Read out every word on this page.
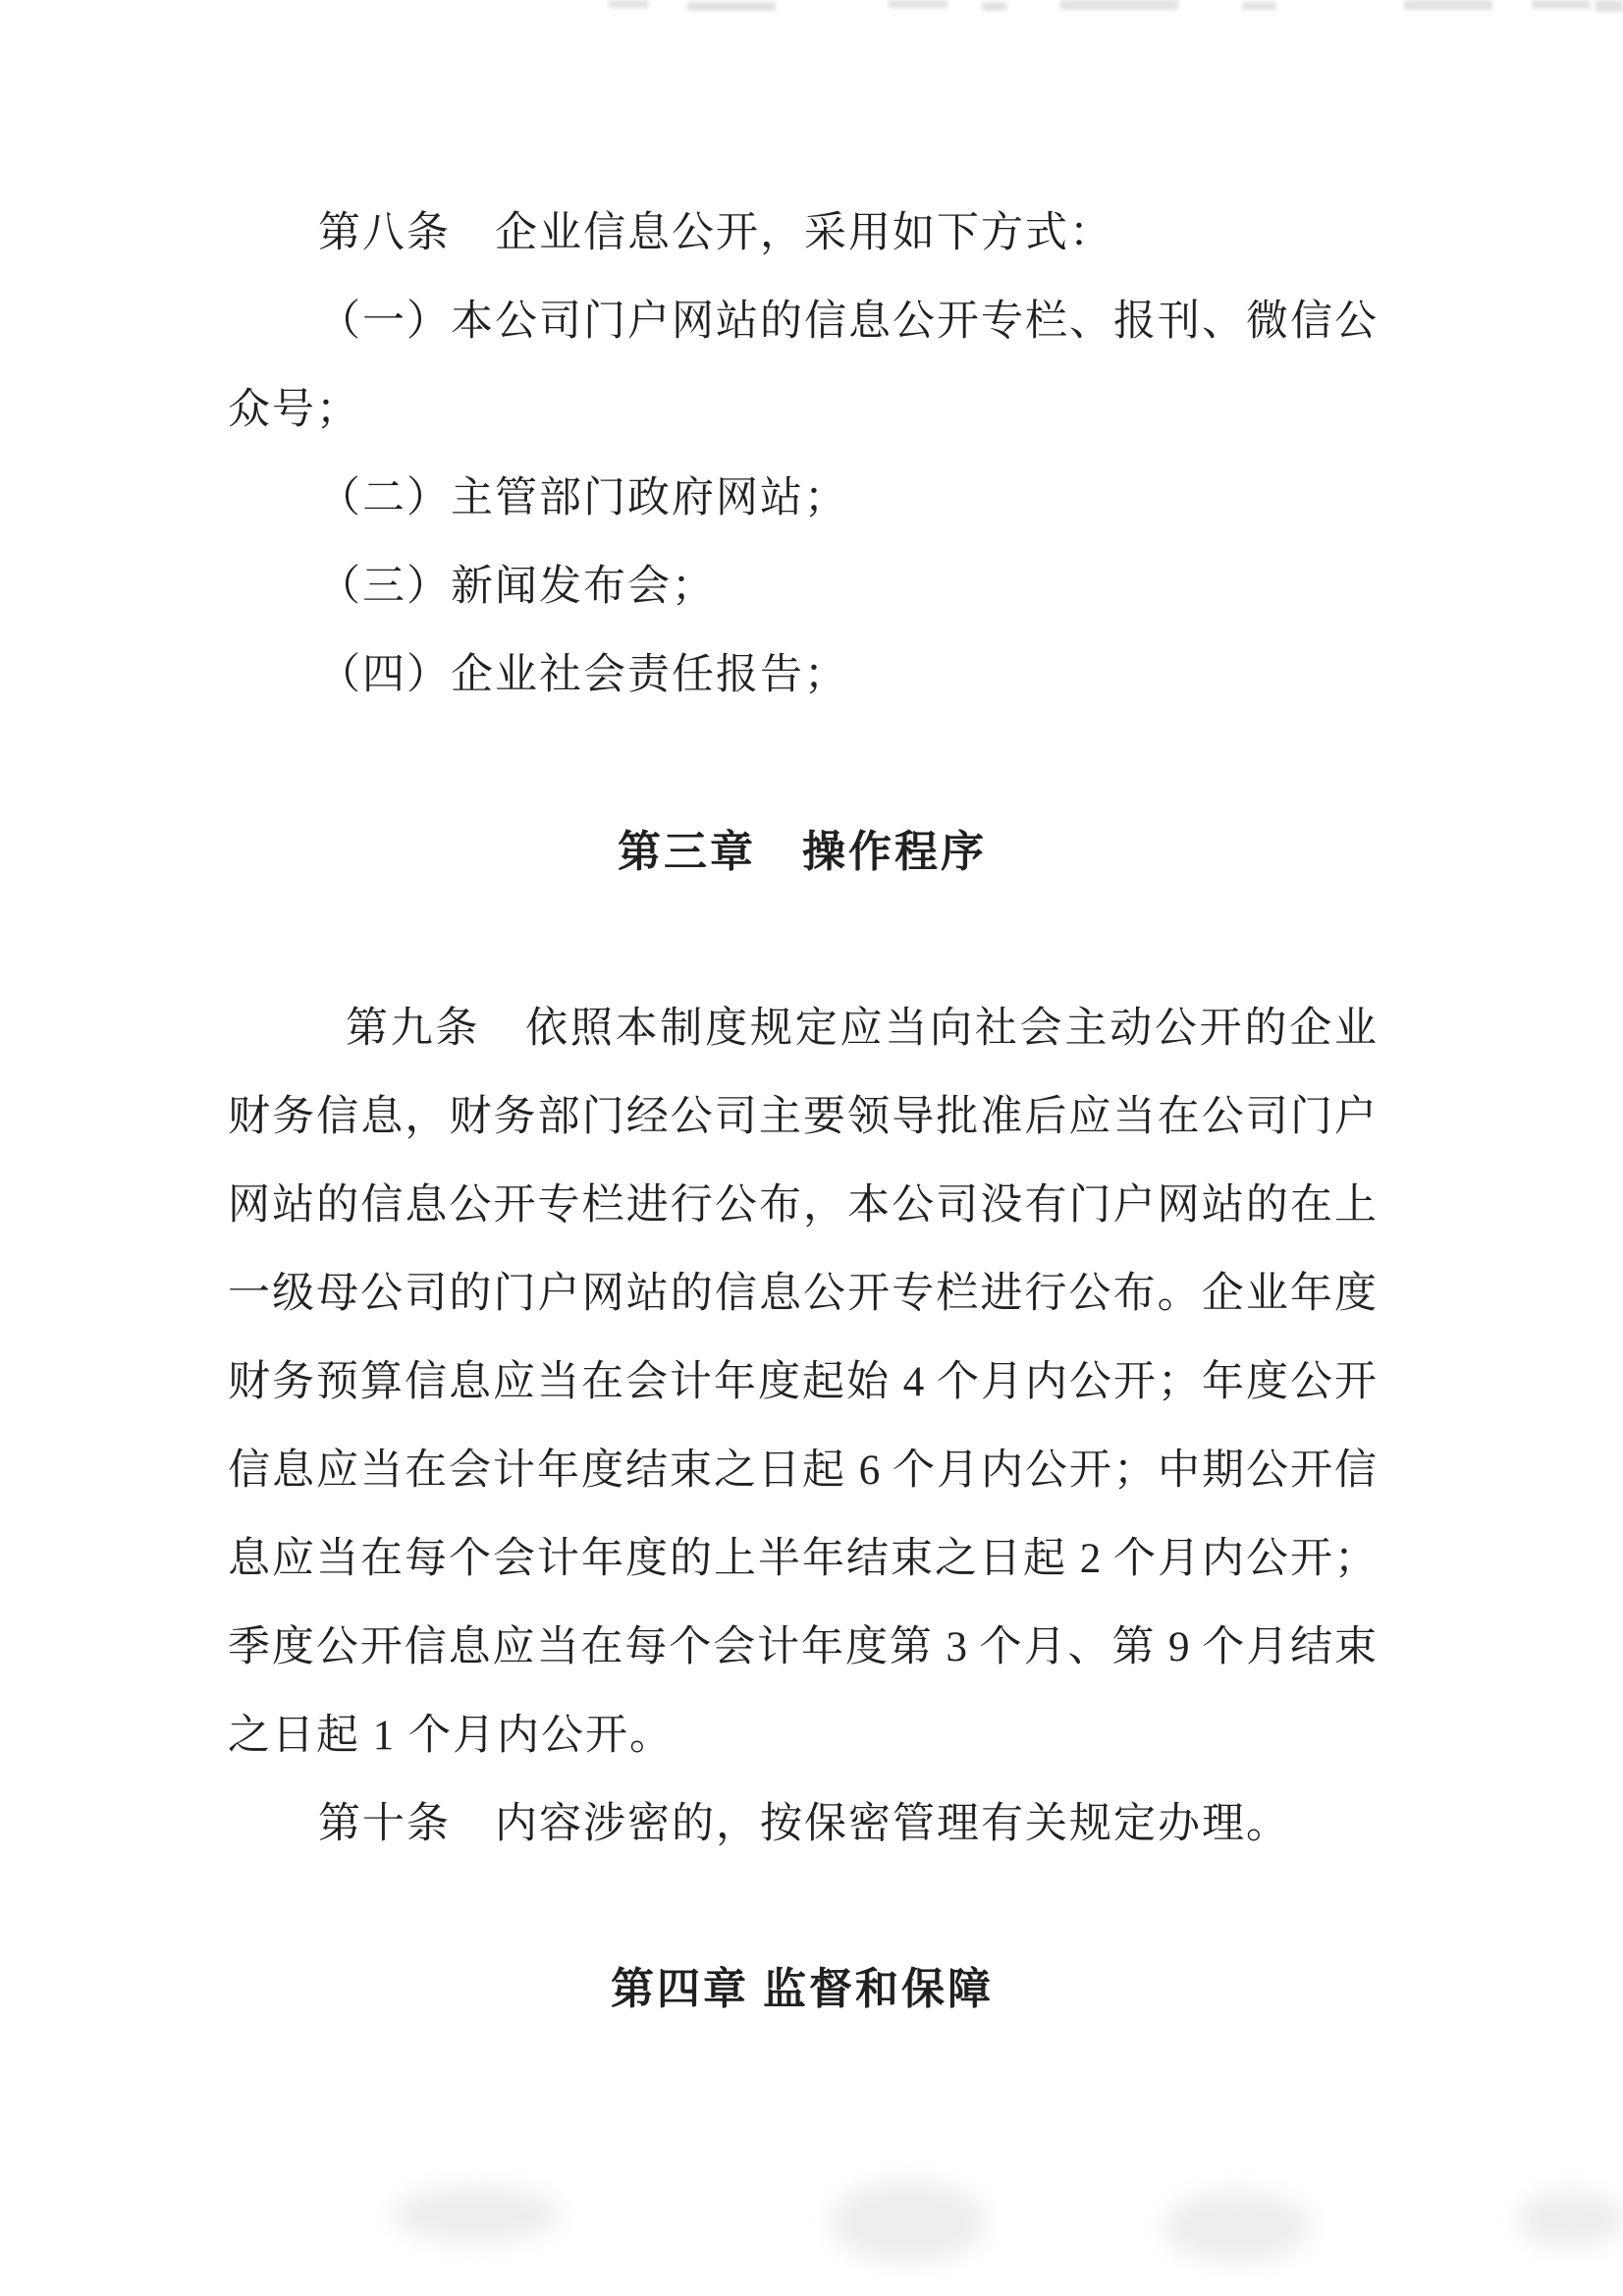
第八条　企业信息公开，采用如下方式：
（一）本公司门户网站的信息公开专栏、报刊、微信公
众号；
（二）主管部门政府网站；
（三）新闻发布会；
（四）企业社会责任报告；
第三章　操作程序
第九条　依照本制度规定应当向社会主动公开的企业
财务信息，财务部门经公司主要领导批准后应当在公司门户
网站的信息公开专栏进行公布，本公司没有门户网站的在上
一级母公司的门户网站的信息公开专栏进行公布。企业年度
财务预算信息应当在会计年度起始 4 个月内公开；年度公开
信息应当在会计年度结束之日起 6 个月内公开；中期公开信
息应当在每个会计年度的上半年结束之日起 2 个月内公开；
季度公开信息应当在每个会计年度第 3 个月、第 9 个月结束
之日起 1 个月内公开。
第十条　内容涉密的，按保密管理有关规定办理。
第四章 监督和保障
